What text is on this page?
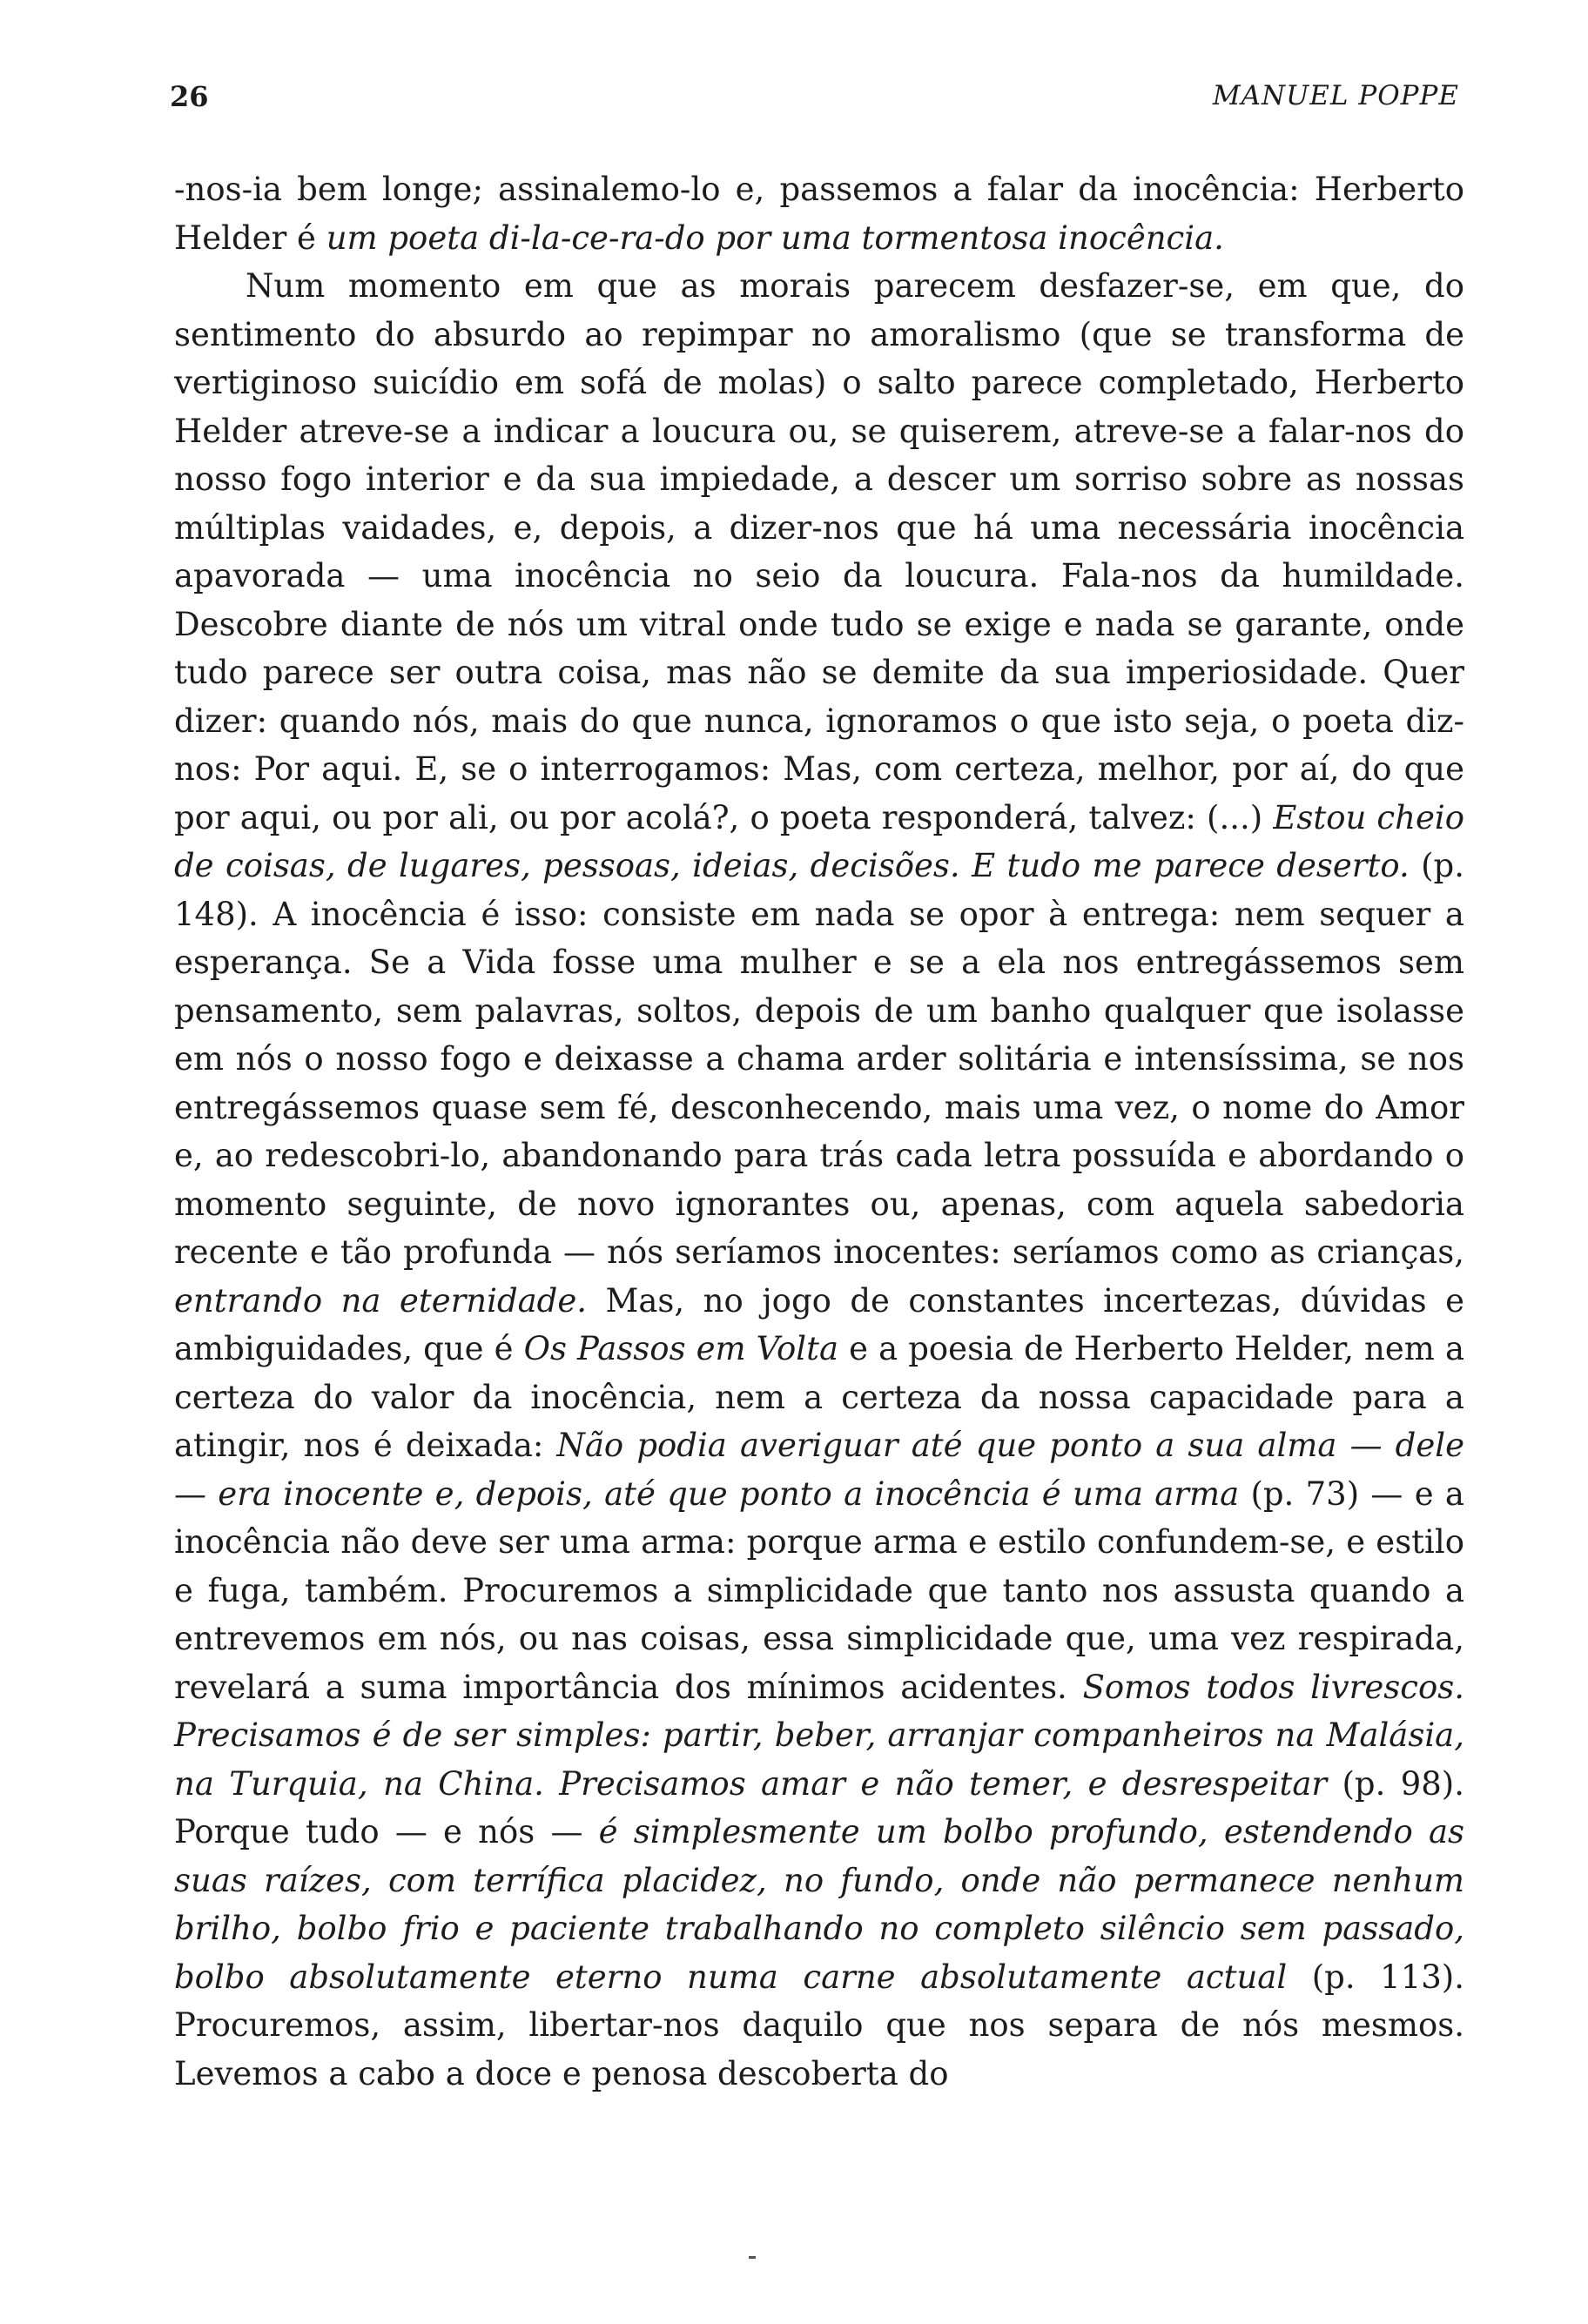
26	MANUEL POPPE

-nos-ia bem longe; assinalemo-lo e, passemos a falar da inocência: Herberto Helder é um poeta di-la-ce-ra-do por uma tormentosa inocência.

Num momento em que as morais parecem desfazer-se, em que, do sentimento do absurdo ao repimpar no amoralismo (que se transforma de vertiginoso suicídio em sofá de molas) o salto parece completado, Herberto Helder atreve-se a indicar a loucura ou, se quiserem, atreve-se a falar-nos do nosso fogo interior e da sua impiedade, a descer um sorriso sobre as nossas múltiplas vaidades, e, depois, a dizer-nos que há uma necessária inocência apavorada — uma inocência no seio da loucura. Fala-nos da humildade. Descobre diante de nós um vitral onde tudo se exige e nada se garante, onde tudo parece ser outra coisa, mas não se demite da sua imperiosidade. Quer dizer: quando nós, mais do que nunca, ignoramos o que isto seja, o poeta diz-nos: Por aqui. E, se o interrogamos: Mas, com certeza, melhor, por aí, do que por aqui, ou por ali, ou por acolá?, o poeta responderá, talvez: (...) Estou cheio de coisas, de lugares, pessoas, ideias, decisões. E tudo me parece deserto. (p. 148). A inocência é isso: consiste em nada se opor à entrega: nem sequer a esperança. Se a Vida fosse uma mulher e se a ela nos entregássemos sem pensamento, sem palavras, soltos, depois de um banho qualquer que isolasse em nós o nosso fogo e deixasse a chama arder solitária e intensíssima, se nos entregássemos quase sem fé, desconhecendo, mais uma vez, o nome do Amor e, ao redescobri-lo, abandonando para trás cada letra possuída e abordando o momento seguinte, de novo ignorantes ou, apenas, com aquela sabedoria recente e tão profunda — nós seríamos inocentes: seríamos como as crianças, entrando na eternidade. Mas, no jogo de constantes incertezas, dúvidas e ambiguidades, que é Os Passos em Volta e a poesia de Herberto Helder, nem a certeza do valor da inocência, nem a certeza da nossa capacidade para a atingir, nos é deixada: Não podia averiguar até que ponto a sua alma — dele — era inocente e, depois, até que ponto a inocência é uma arma (p. 73) — e a inocência não deve ser uma arma: porque arma e estilo confundem-se, e estilo e fuga, também. Procuremos a simplicidade que tanto nos assusta quando a entrevemos em nós, ou nas coisas, essa simplicidade que, uma vez respirada, revelará a suma importância dos mínimos acidentes. Somos todos livrescos. Precisamos é de ser simples: partir, beber, arranjar companheiros na Malásia, na Turquia, na China. Precisamos amar e não temer, e desrespeitar (p. 98). Porque tudo — e nós — é simplesmente um bolbo profundo, estendendo as suas raízes, com terrífica placidez, no fundo, onde não permanece nenhum brilho, bolbo frio e paciente trabalhando no completo silêncio sem passado, bolbo absolutamente eterno numa carne absolutamente actual (p. 113). Procuremos, assim, libertar-nos daquilo que nos separa de nós mesmos. Levemos a cabo a doce e penosa descoberta do
